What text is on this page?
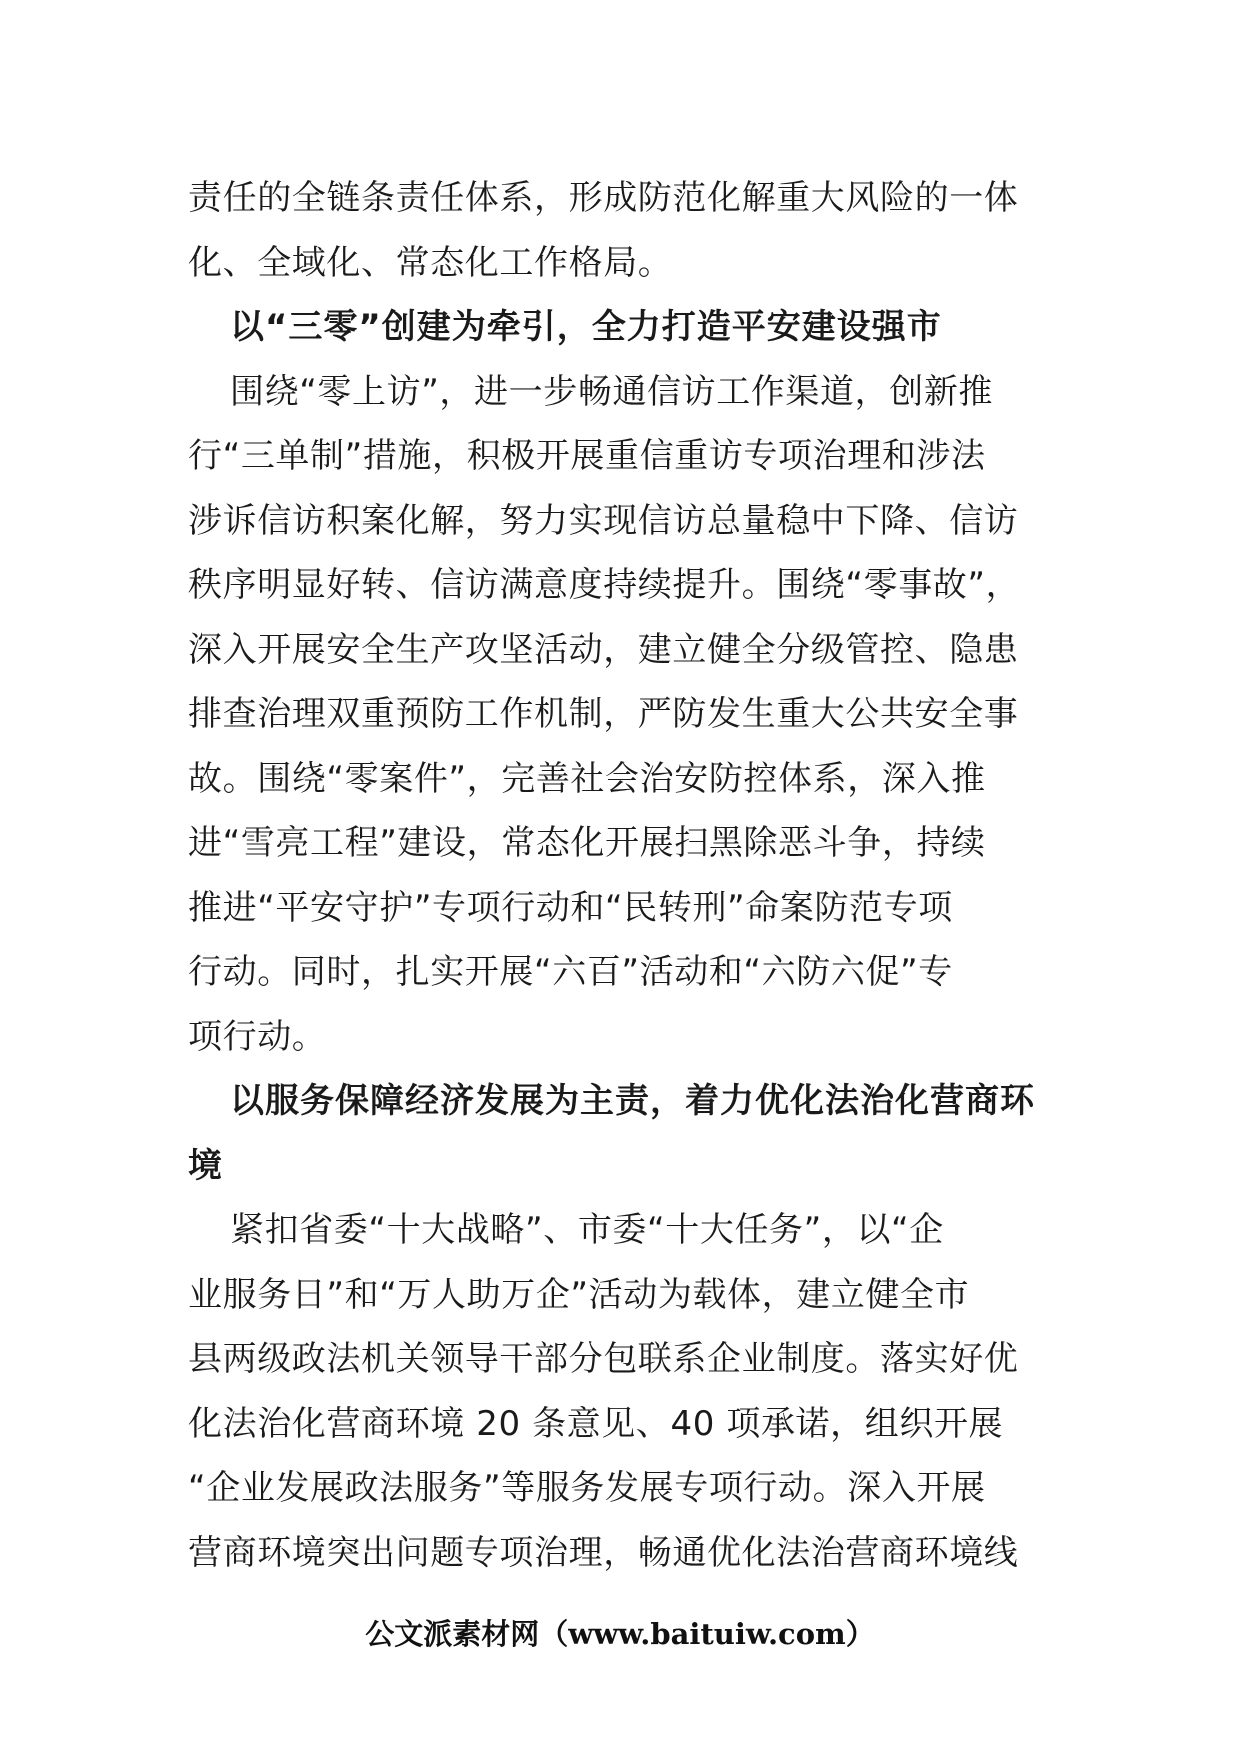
责任的全链条责任体系，形成防范化解重大风险的一体
化、全域化、常态化工作格局。
以“三零”创建为牵引，全力打造平安建设强市
围绕“零上访”，进一步畅通信访工作渠道，创新推
行“三单制”措施，积极开展重信重访专项治理和涉法
涉诉信访积案化解，努力实现信访总量稳中下降、信访
秩序明显好转、信访满意度持续提升。围绕“零事故”，
深入开展安全生产攻坚活动，建立健全分级管控、隐患
排查治理双重预防工作机制，严防发生重大公共安全事
故。围绕“零案件”，完善社会治安防控体系，深入推
进“雪亮工程”建设，常态化开展扫黑除恶斗争，持续
推进“平安守护”专项行动和“民转刑”命案防范专项
行动。同时，扎实开展“六百”活动和“六防六促”专
项行动。
以服务保障经济发展为主责，着力优化法治化营商环
境
紧扣省委“十大战略”、市委“十大任务”，以“企
业服务日”和“万人助万企”活动为载体，建立健全市
县两级政法机关领导干部分包联系企业制度。落实好优
化法治化营商环境 20 条意见、40 项承诺，组织开展
“企业发展政法服务”等服务发展专项行动。深入开展
营商环境突出问题专项治理，畅通优化法治营商环境线
公文派素材网（www.baituiw.com）
